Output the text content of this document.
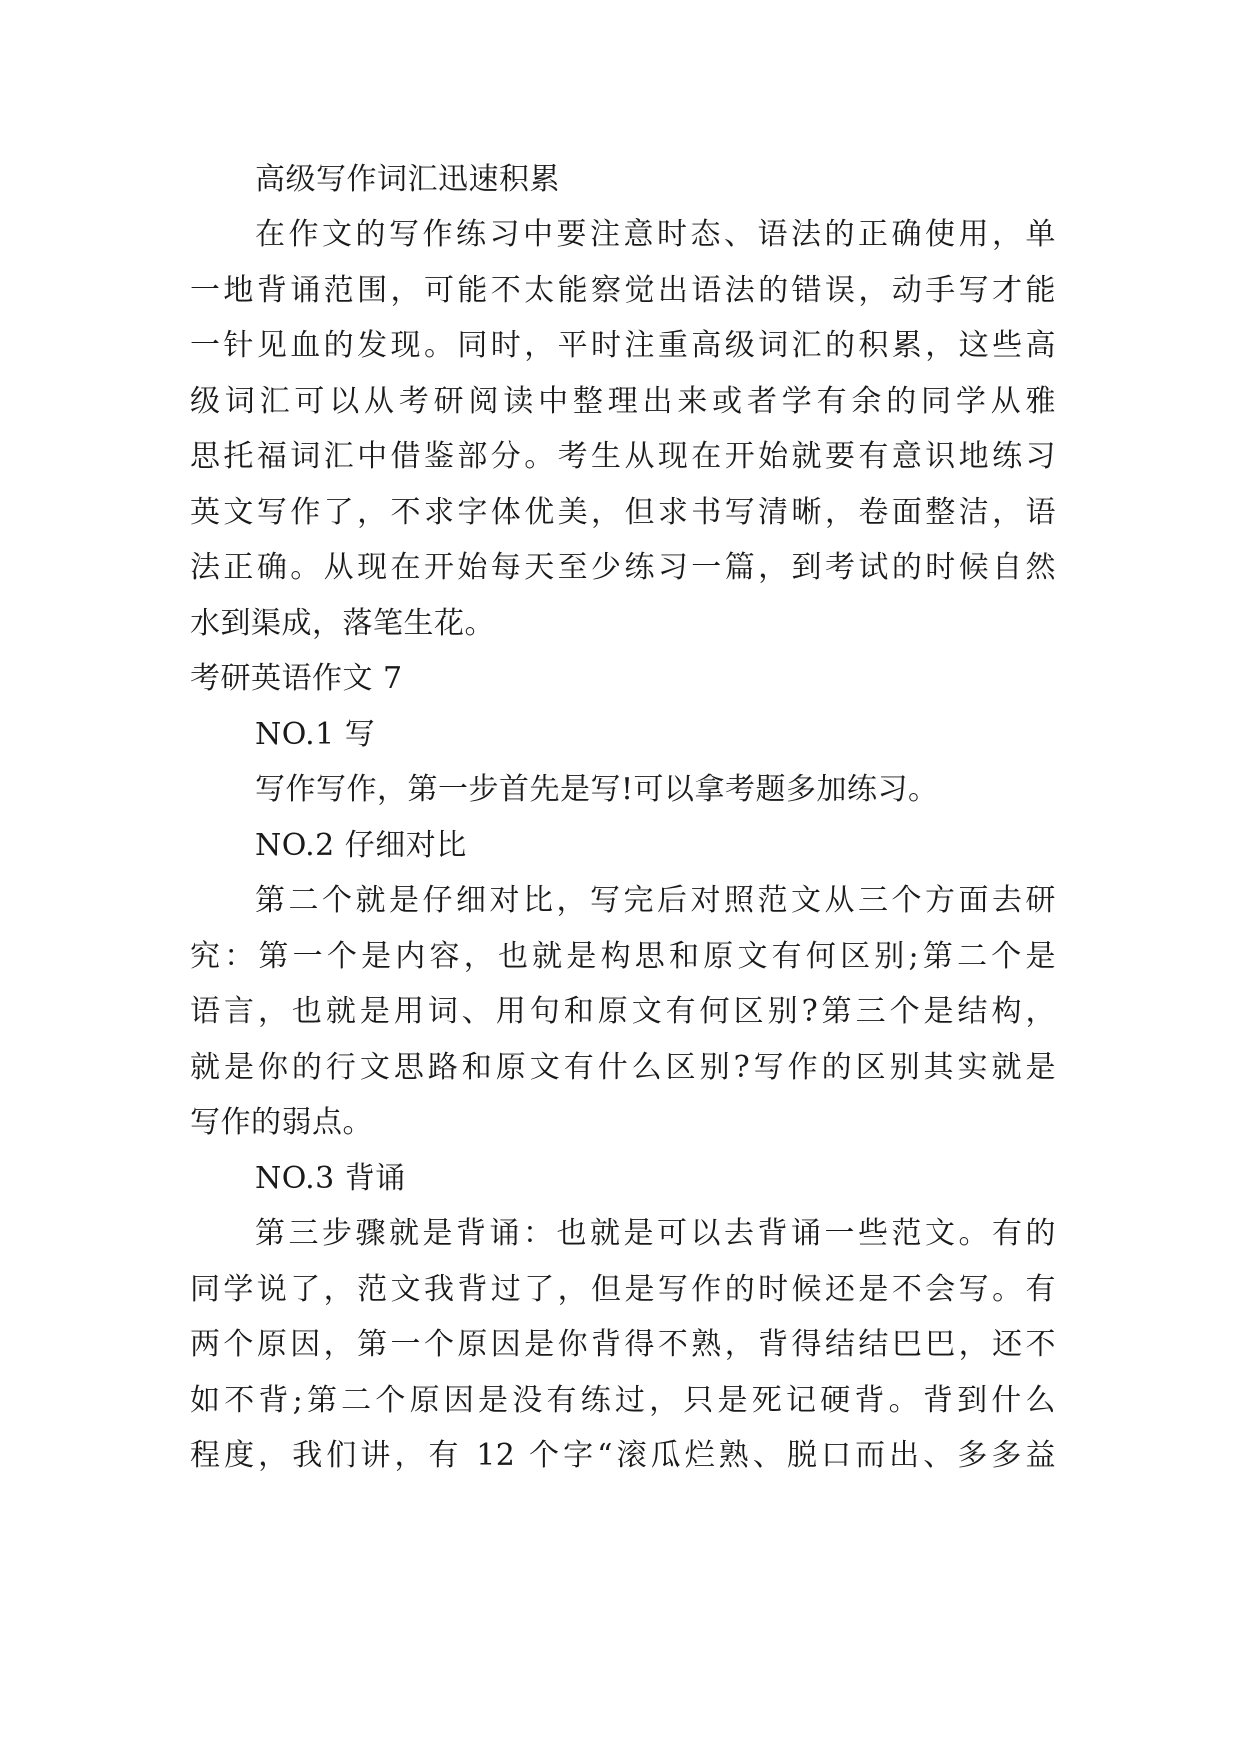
高级写作词汇迅速积累
在作文的写作练习中要注意时态、语法的正确使用，单
一地背诵范围，可能不太能察觉出语法的错误，动手写才能
一针见血的发现。同时，平时注重高级词汇的积累，这些高
级词汇可以从考研阅读中整理出来或者学有余的同学从雅
思托福词汇中借鉴部分。考生从现在开始就要有意识地练习
英文写作了，不求字体优美，但求书写清晰，卷面整洁，语
法正确。从现在开始每天至少练习一篇，到考试的时候自然
水到渠成，落笔生花。
考研英语作文 7
NO.1 写
写作写作，第一步首先是写!可以拿考题多加练习。
NO.2 仔细对比
第二个就是仔细对比，写完后对照范文从三个方面去研
究：第一个是内容，也就是构思和原文有何区别;第二个是
语言，也就是用词、用句和原文有何区别?第三个是结构，
就是你的行文思路和原文有什么区别?写作的区别其实就是
写作的弱点。
NO.3 背诵
第三步骤就是背诵：也就是可以去背诵一些范文。有的
同学说了，范文我背过了，但是写作的时候还是不会写。有
两个原因，第一个原因是你背得不熟，背得结结巴巴，还不
如不背;第二个原因是没有练过，只是死记硬背。背到什么
程度，我们讲，有 12 个字“滚瓜烂熟、脱口而出、多多益
